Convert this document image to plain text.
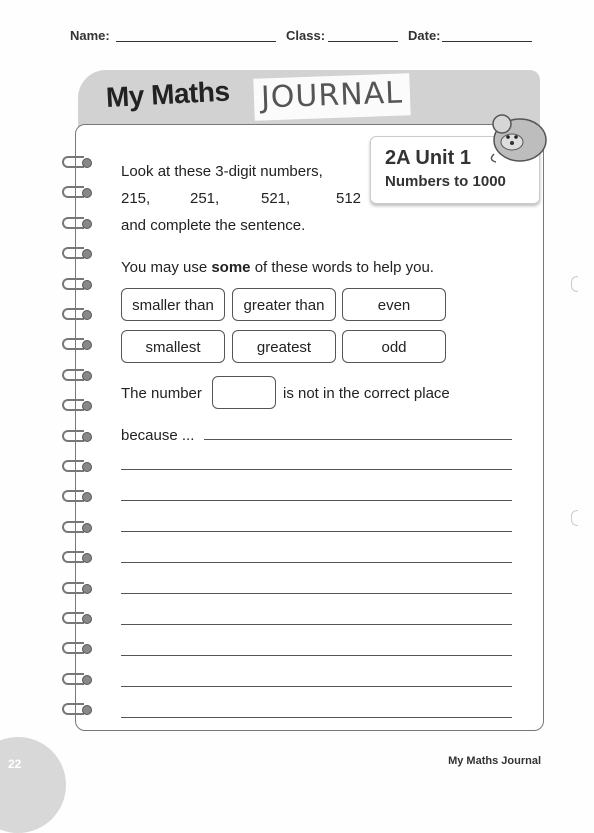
Name:	Class:	Date:
My Maths JOURNAL
2A Unit 1
Numbers to 1000
Look at these 3-digit numbers,
215,	251,	521,	512
and complete the sentence.
You may use some of these words to help you.
smaller than	greater than	even
smallest	greatest	odd
The number	is not in the correct place
because ...
22	My Maths Journal
